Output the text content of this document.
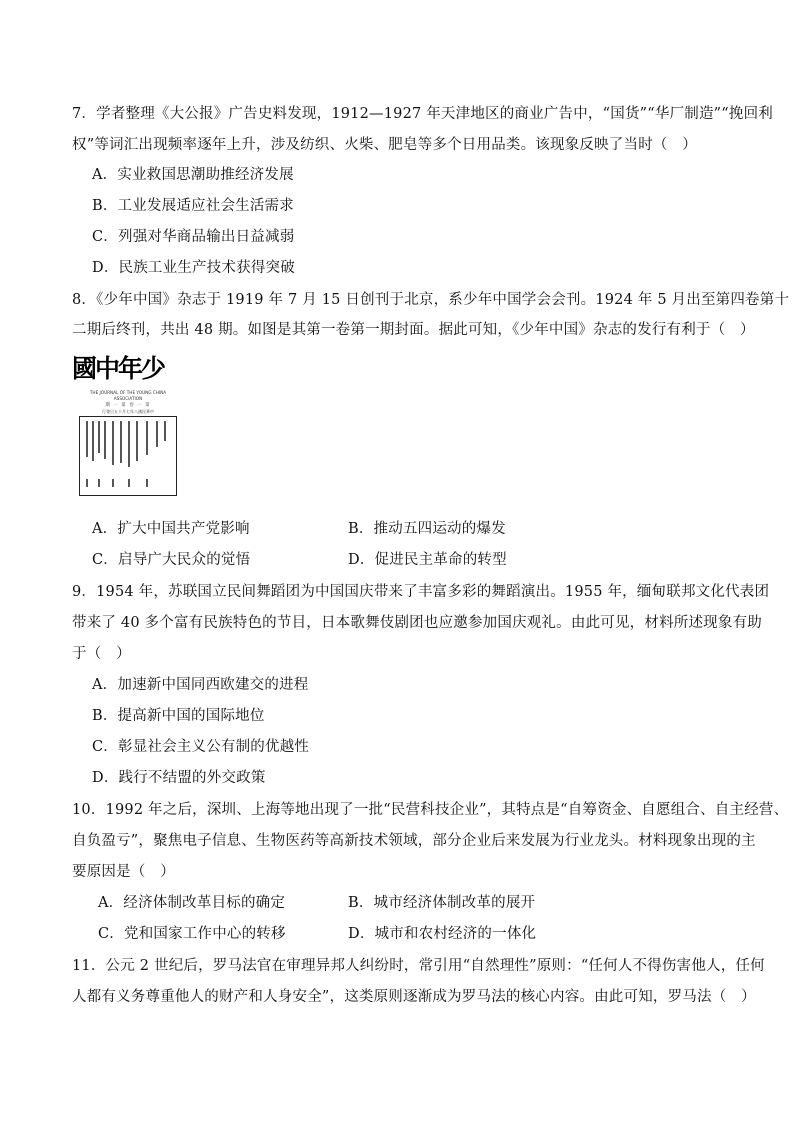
7．学者整理《大公报》广告史料发现，1912—1927 年天津地区的商业广告中，“国货”“华厂制造”“挽回利
权”等词汇出现频率逐年上升，涉及纺织、火柴、肥皂等多个日用品类。该现象反映了当时（　）
A．实业救国思潮助推经济发展
B．工业发展适应社会生活需求
C．列强对华商品输出日益减弱
D．民族工业生产技术获得突破
8．《少年中国》杂志于 1919 年 7 月 15 日创刊于北京，系少年中国学会会刊。1924 年 5 月出至第四卷第十
二期后终刊，共出 48 期。如图是其第一卷第一期封面。据此可知，《少年中国》杂志的发行有利于（　）
國中年少
THE JOURNAL OF THE YOUNG CHINA
ASSOCIATION
期 一 第 卷 一 第
行發日五十月七年八國民華中
A．扩大中国共产党影响	B．推动五四运动的爆发
C．启导广大民众的觉悟	D．促进民主革命的转型
9．1954 年，苏联国立民间舞蹈团为中国国庆带来了丰富多彩的舞蹈演出。1955 年，缅甸联邦文化代表团
带来了 40 多个富有民族特色的节目，日本歌舞伎剧团也应邀参加国庆观礼。由此可见，材料所述现象有助
于（　）
A．加速新中国同西欧建交的进程
B．提高新中国的国际地位
C．彰显社会主义公有制的优越性
D．践行不结盟的外交政策
10．1992 年之后，深圳、上海等地出现了一批“民营科技企业”，其特点是“自筹资金、自愿组合、自主经营、
自负盈亏”，聚焦电子信息、生物医药等高新技术领域，部分企业后来发展为行业龙头。材料现象出现的主
要原因是（　）
A．经济体制改革目标的确定	B．城市经济体制改革的展开
C．党和国家工作中心的转移	D．城市和农村经济的一体化
11．公元 2 世纪后，罗马法官在审理异邦人纠纷时，常引用“自然理性”原则：“任何人不得伤害他人，任何
人都有义务尊重他人的财产和人身安全”，这类原则逐渐成为罗马法的核心内容。由此可知，罗马法（　）
